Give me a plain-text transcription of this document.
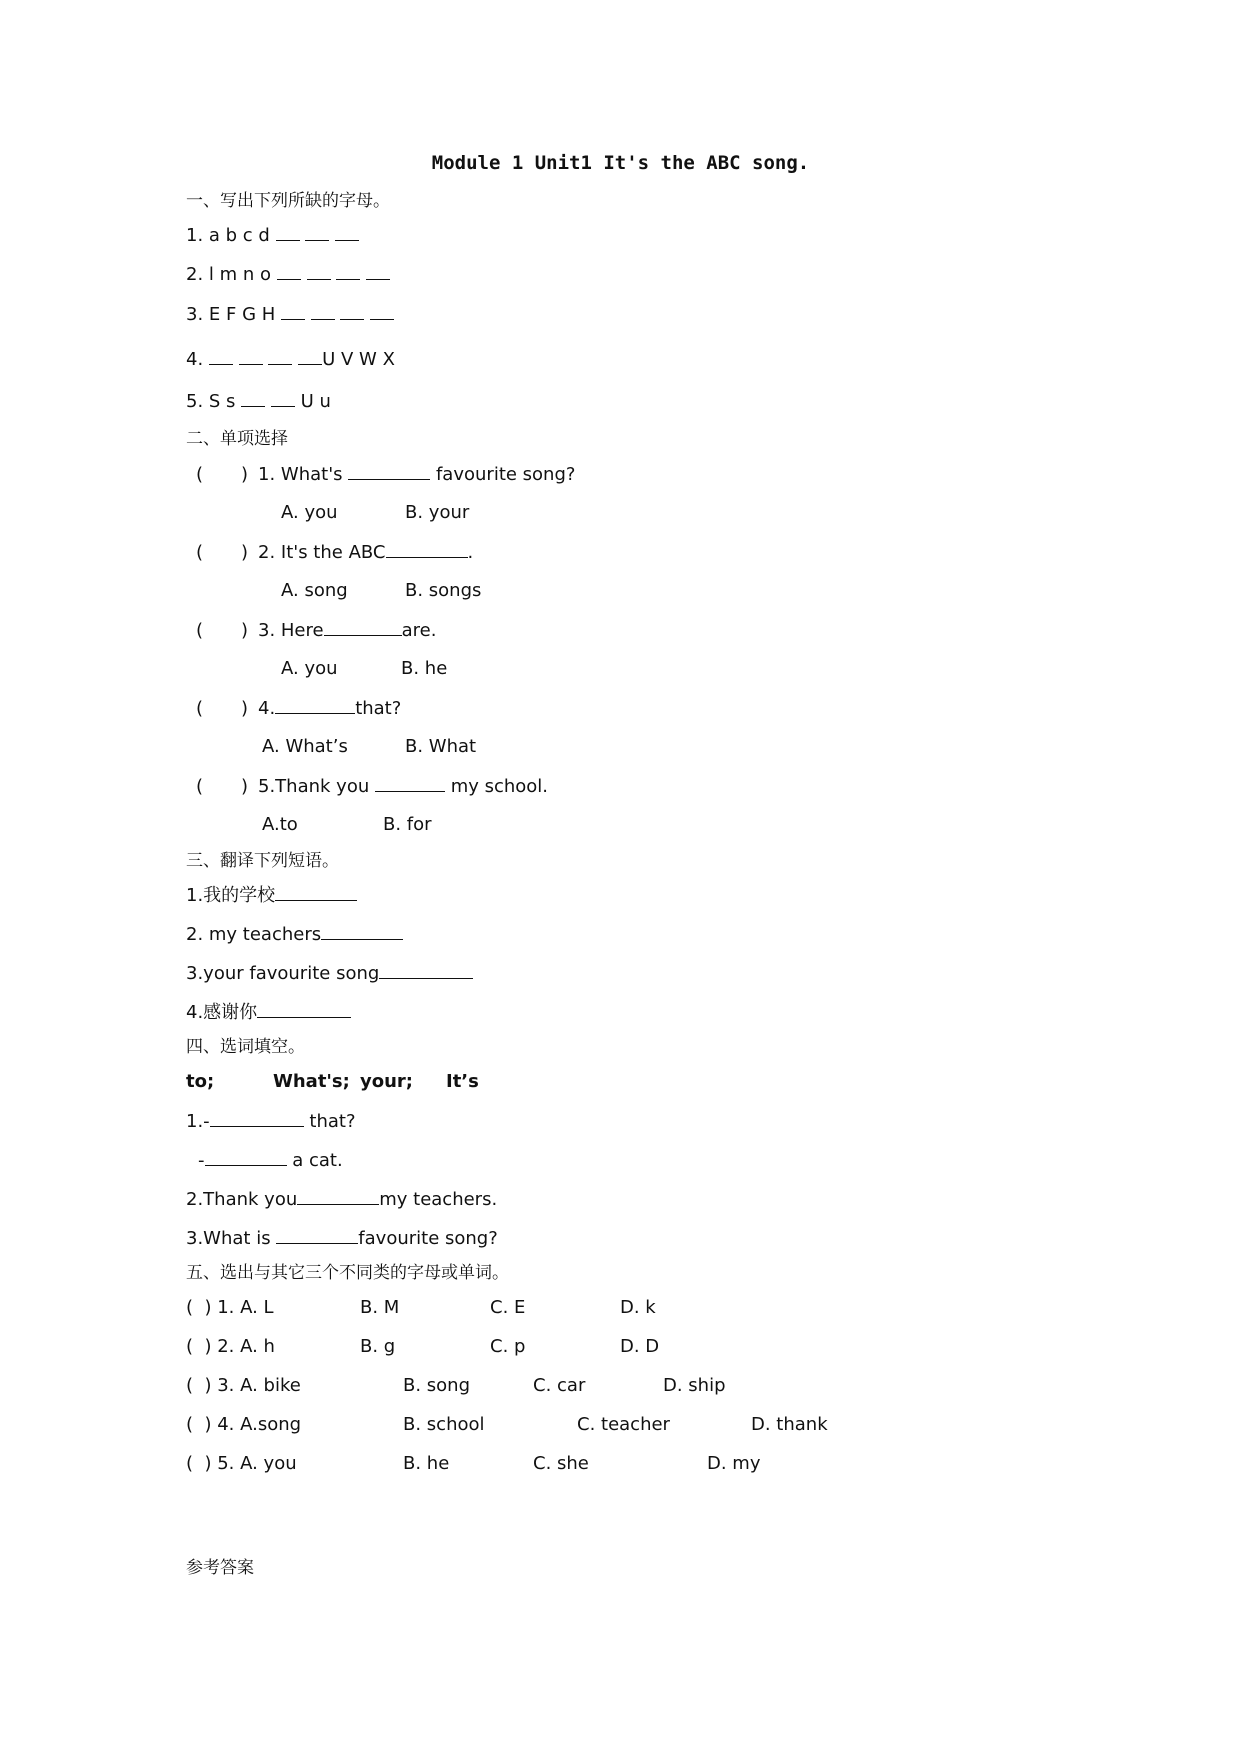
Module 1 Unit1 It's the ABC song.
一、写出下列所缺的字母。
1. a b c d
2. l m n o
3. E F G H
4.	U V W X
5. S s	U u
二、单项选择
( ) 1. What's	favourite song?
A. you	B. your
( ) 2. It's the ABC	.
A. song	B. songs
( ) 3. Here	are.
A. you	B. he
( ) 4.	that?
A. What’s	B. What
( ) 5.Thank you	my school.
A.to	B. for
三、翻译下列短语。
1.我的学校
2. my teachers
3.your favourite song
4.感谢你
四、选词填空。
to;	What's; your; It’s
1.-	that?
-	a cat.
2.Thank you	my teachers.
3.What is	favourite song?
五、选出与其它三个不同类的字母或单词。
(  ) 1. A. L	B. M	C. E	D. k
(  ) 2. A. h	B. g	C. p	D. D
(  ) 3. A. bike	B. song	C. car	D. ship
(  ) 4. A.song	B. school	C. teacher	D. thank
(  ) 5. A. you	B. he	C. she	D. my
参考答案
